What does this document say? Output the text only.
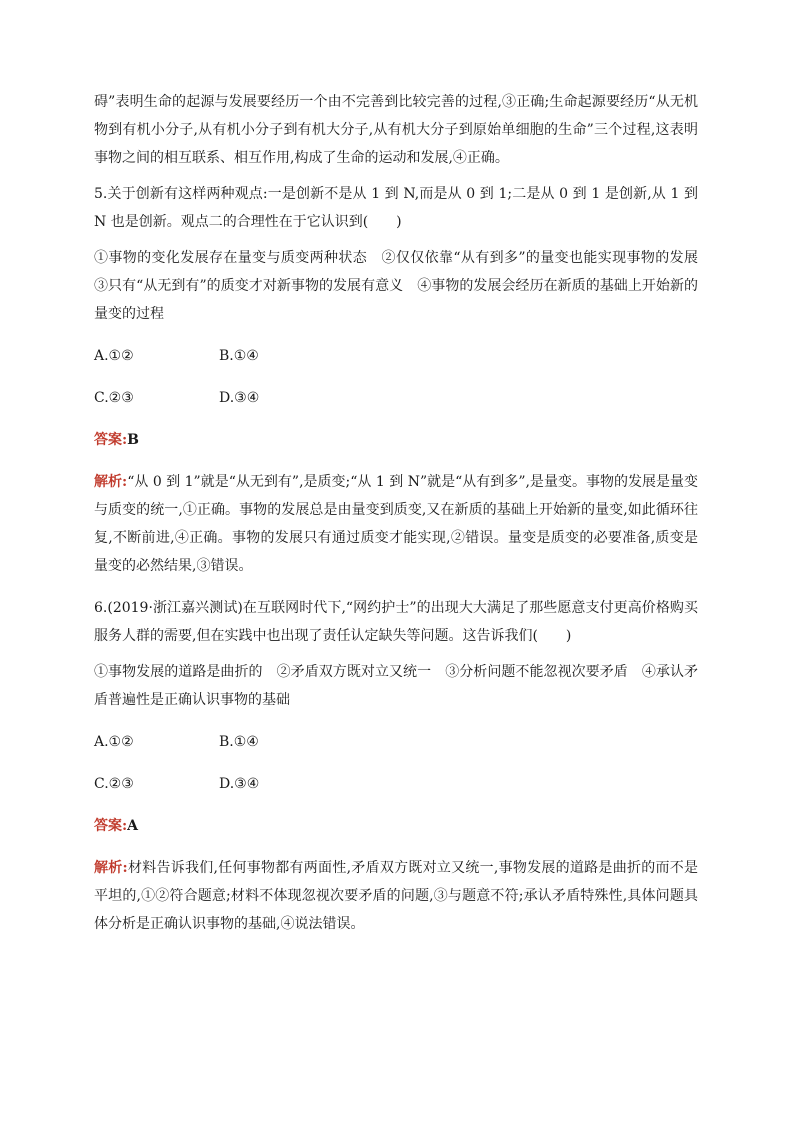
碍”表明生命的起源与发展要经历一个由不完善到比较完善的过程,③正确;生命起源要经历“从无机物到有机小分子,从有机小分子到有机大分子,从有机大分子到原始单细胞的生命”三个过程,这表明事物之间的相互联系、相互作用,构成了生命的运动和发展,④正确。

5.关于创新有这样两种观点:一是创新不是从 1 到 N,而是从 0 到 1;二是从 0 到 1 是创新,从 1 到 N 也是创新。观点二的合理性在于它认识到(　　)

①事物的变化发展存在量变与质变两种状态　②仅仅依靠“从有到多”的量变也能实现事物的发展　③只有“从无到有”的质变才对新事物的发展有意义　④事物的发展会经历在新质的基础上开始新的量变的过程

A.①②	B.①④
C.②③	D.③④

答案:B

解析:“从 0 到 1”就是“从无到有”,是质变;“从 1 到 N”就是“从有到多”,是量变。事物的发展是量变与质变的统一,①正确。事物的发展总是由量变到质变,又在新质的基础上开始新的量变,如此循环往复,不断前进,④正确。事物的发展只有通过质变才能实现,②错误。量变是质变的必要准备,质变是量变的必然结果,③错误。

6.(2019·浙江嘉兴测试)在互联网时代下,“网约护士”的出现大大满足了那些愿意支付更高价格购买服务人群的需要,但在实践中也出现了责任认定缺失等问题。这告诉我们(　　)

①事物发展的道路是曲折的　②矛盾双方既对立又统一　③分析问题不能忽视次要矛盾　④承认矛盾普遍性是正确认识事物的基础

A.①②	B.①④
C.②③	D.③④

答案:A

解析:材料告诉我们,任何事物都有两面性,矛盾双方既对立又统一,事物发展的道路是曲折的而不是平坦的,①②符合题意;材料不体现忽视次要矛盾的问题,③与题意不符;承认矛盾特殊性,具体问题具体分析是正确认识事物的基础,④说法错误。
